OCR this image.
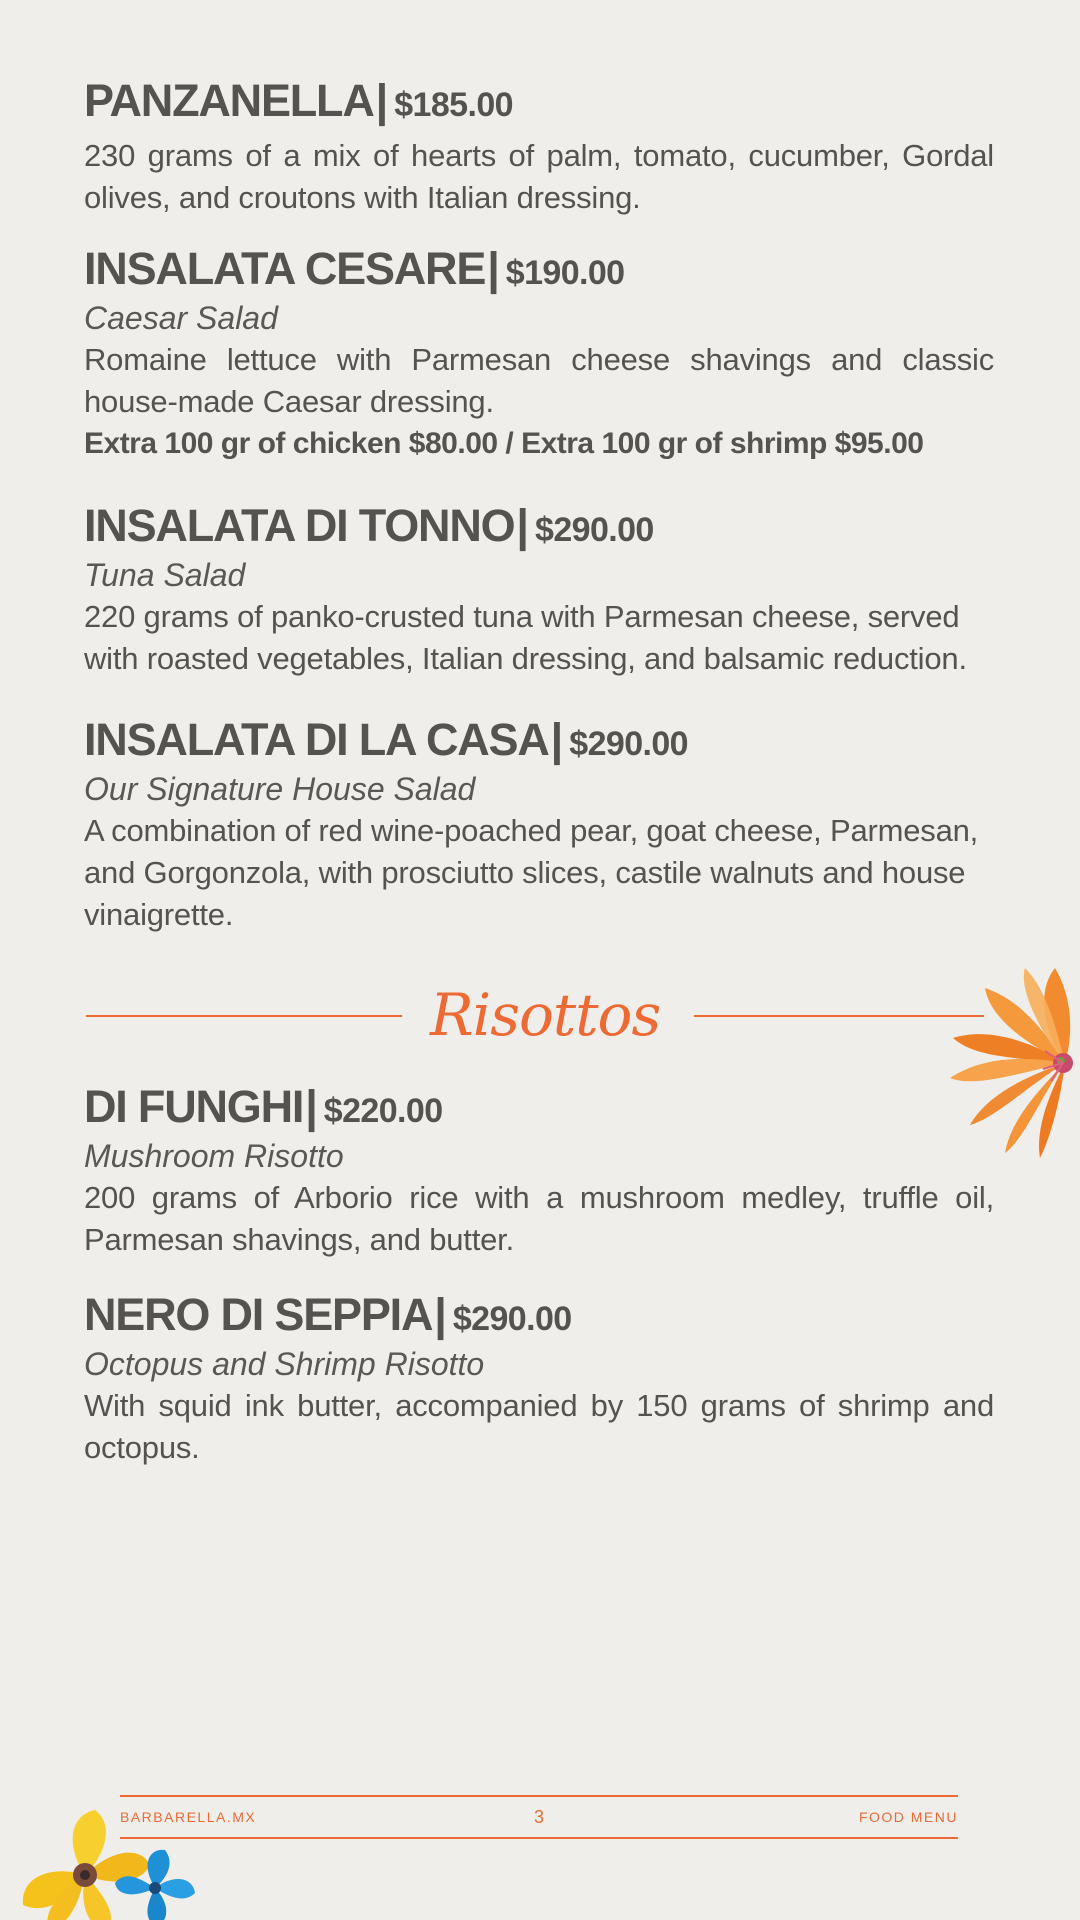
PANZANELLA| $185.00
230 grams of a mix of hearts of palm, tomato, cucumber, Gordal olives, and croutons with Italian dressing.
INSALATA CESARE| $190.00
Caesar Salad
Romaine lettuce with Parmesan cheese shavings and classic house-made Caesar dressing.
Extra 100 gr of chicken $80.00 / Extra 100 gr of shrimp $95.00
INSALATA DI TONNO| $290.00
Tuna Salad
220 grams of panko-crusted tuna with Parmesan cheese, served with roasted vegetables, Italian dressing, and balsamic reduction.
INSALATA DI LA CASA| $290.00
Our Signature House Salad
A combination of red wine-poached pear, goat cheese, Parmesan, and Gorgonzola, with prosciutto slices, castile walnuts and house vinaigrette.
DI FUNGHI| $220.00
Mushroom Risotto
200 grams of Arborio rice with a mushroom medley, truffle oil, Parmesan shavings, and butter.
NERO DI SEPPIA| $290.00
Octopus and Shrimp Risotto
With squid ink butter, accompanied by 150 grams of shrimp and octopus.
Risottos
BARBARELLA.MX	3	FOOD MENU
